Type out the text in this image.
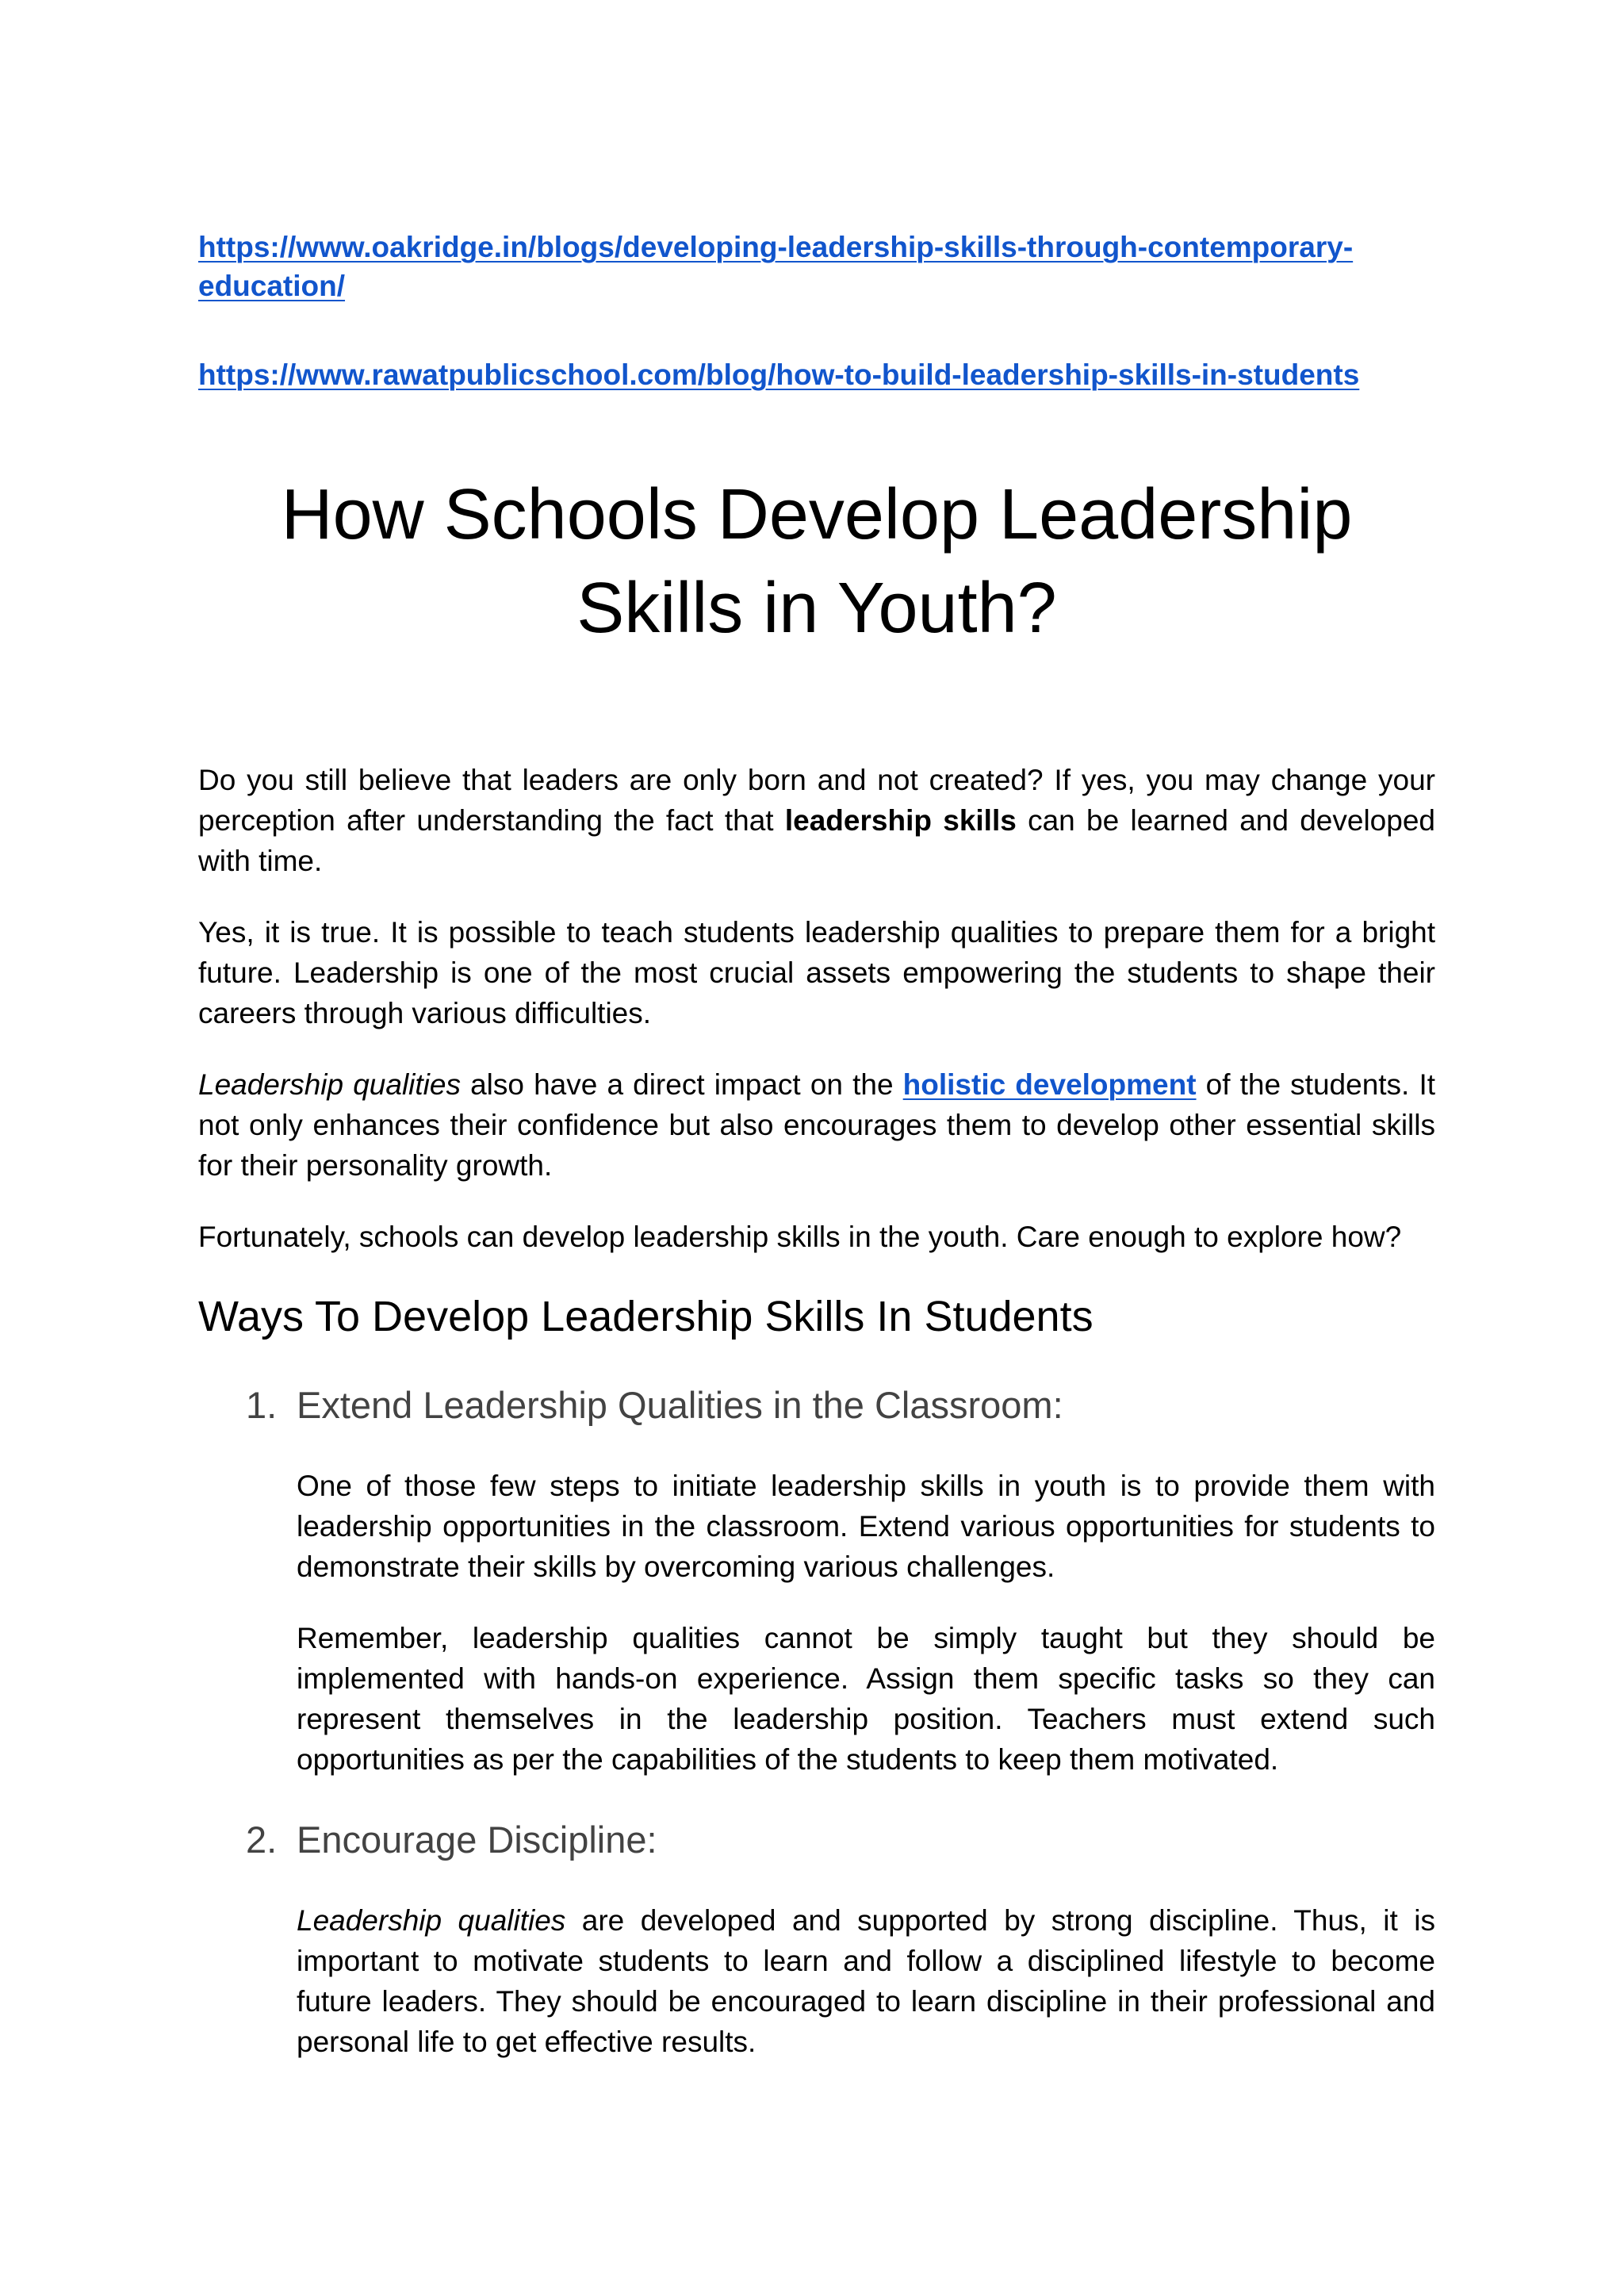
https://www.oakridge.in/blogs/developing-leadership-skills-through-contemporary-education/
https://www.rawatpublicschool.com/blog/how-to-build-leadership-skills-in-students
How Schools Develop Leadership Skills in Youth?

Do you still believe that leaders are only born and not created? If yes, you may change your perception after understanding the fact that leadership skills can be learned and developed with time.

Yes, it is true. It is possible to teach students leadership qualities to prepare them for a bright future. Leadership is one of the most crucial assets empowering the students to shape their careers through various difficulties.

Leadership qualities also have a direct impact on the holistic development of the students. It not only enhances their confidence but also encourages them to develop other essential skills for their personality growth.

Fortunately, schools can develop leadership skills in the youth. Care enough to explore how?

Ways To Develop Leadership Skills In Students
1. Extend Leadership Qualities in the Classroom:

One of those few steps to initiate leadership skills in youth is to provide them with leadership opportunities in the classroom. Extend various opportunities for students to demonstrate their skills by overcoming various challenges.

Remember, leadership qualities cannot be simply taught but they should be implemented with hands-on experience. Assign them specific tasks so they can represent themselves in the leadership position. Teachers must extend such opportunities as per the capabilities of the students to keep them motivated.

2. Encourage Discipline:

Leadership qualities are developed and supported by strong discipline. Thus, it is important to motivate students to learn and follow a disciplined lifestyle to become future leaders. They should be encouraged to learn discipline in their professional and personal life to get effective results.
